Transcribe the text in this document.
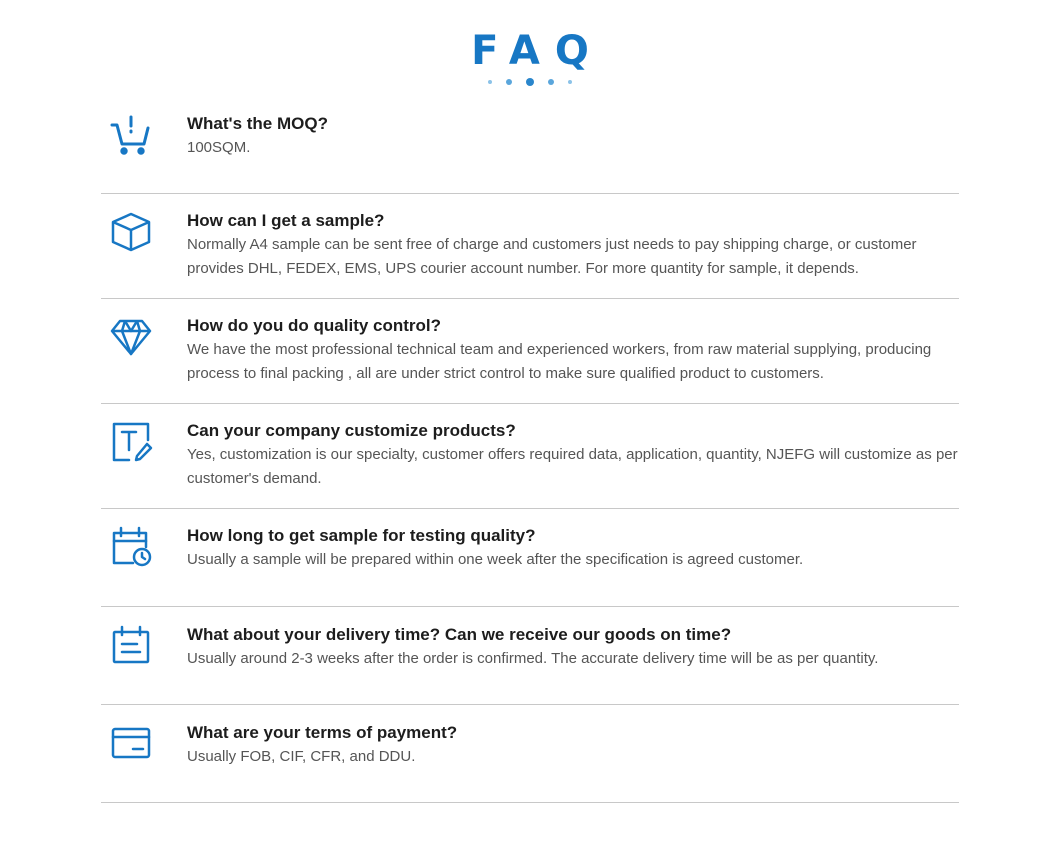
FAQ
What's the MOQ?
100SQM.
How can I get a sample?
Normally A4 sample can be sent free of charge and customers just needs to pay shipping charge, or customer provides DHL, FEDEX, EMS, UPS courier account number. For more quantity for sample, it depends.
How do you do quality control?
We have the most professional technical team and experienced workers, from raw material supplying, producing process to final packing , all are under strict control to make sure qualified product to customers.
Can your company customize products?
Yes, customization is our specialty, customer offers required data, application, quantity, NJEFG will customize as per customer's demand.
How long to get sample for testing quality?
Usually a sample will be prepared within one week after the specification is agreed customer.
What about your delivery time? Can we receive our goods on time?
Usually around 2-3 weeks after the order is confirmed. The accurate delivery time will be as per quantity.
What are your terms of payment?
Usually FOB, CIF, CFR, and DDU.
